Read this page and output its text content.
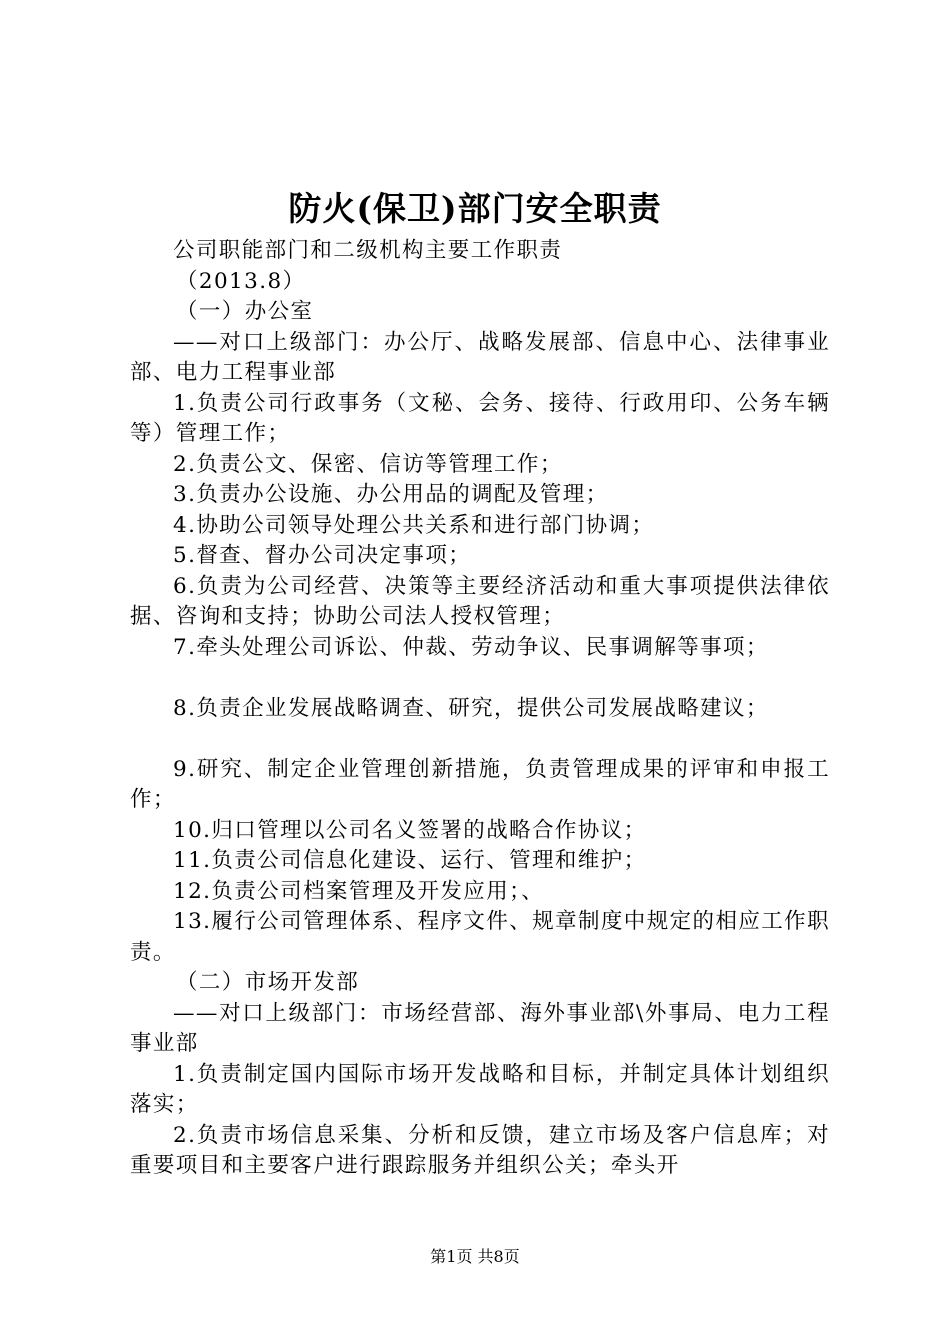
防火(保卫)部门安全职责

公司职能部门和二级机构主要工作职责

（2013.8）

（一）办公室

——对口上级部门：办公厅、战略发展部、信息中心、法律事业部、电力工程事业部

1.负责公司行政事务（文秘、会务、接待、行政用印、公务车辆等）管理工作；

2.负责公文、保密、信访等管理工作；

3.负责办公设施、办公用品的调配及管理；

4.协助公司领导处理公共关系和进行部门协调；

5.督查、督办公司决定事项；

6.负责为公司经营、决策等主要经济活动和重大事项提供法律依据、咨询和支持；协助公司法人授权管理；

7.牵头处理公司诉讼、仲裁、劳动争议、民事调解等事项；

8.负责企业发展战略调查、研究，提供公司发展战略建议；

9.研究、制定企业管理创新措施，负责管理成果的评审和申报工作；

10.归口管理以公司名义签署的战略合作协议；

11.负责公司信息化建设、运行、管理和维护；

12.负责公司档案管理及开发应用；、

13.履行公司管理体系、程序文件、规章制度中规定的相应工作职责。

（二）市场开发部

——对口上级部门：市场经营部、海外事业部\外事局、电力工程事业部

1.负责制定国内国际市场开发战略和目标，并制定具体计划组织落实；

2.负责市场信息采集、分析和反馈，建立市场及客户信息库；对重要项目和主要客户进行跟踪服务并组织公关；牵头开

第1页 共8页
